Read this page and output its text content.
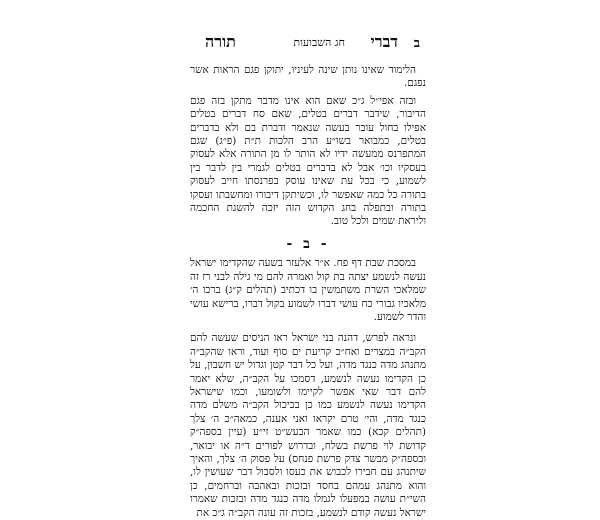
ב
דברי
חג השבועות
תורה

הלימוד שאינו נותן שינה לעיניו, יתוקן פגם הראות אשר נפגם.

ובזה אפי״ל ג״כ שאם הוא אינו מדבר מתקן בזה פגם הדיבור, שידבר דברים בטלים, שאם סח דברים בטלים אפילו בחול עובר בעשה שנאמר ודברת בם ולא בדברים בטלים, כמבואר בשו״ע הרב הלכות ת״ת (פ״ג) שגם המתפרנס ממעשה ידיו לא הותר לו מן התורה אלא לעסוק בעסקיו וכו׳ אבל לא בדברים בטלים לגמרי בין לדבר בין לשמוע, כי בכל עת שאינו עוסק בפרנסתו חייב לעסוק בתורה כל כמה שאפשר לו, וכשיתקן דיבורו ומחשבתו ועסקו בתורה ובתפלה בחג הקדוש הזה יזכה להשגת החכמה וליראת שמים ולכל טוב.

- ב -

במסכת שבת דף פח. א״ר אלעזר בשעה שהקדימו ישראל נעשה לנשמע יצתה בת קול ואמרה להם מי גילה לבני רז זה שמלאכי השרת משתמשין בו דכתיב (תהלים ק״ג) ברכו ה׳ מלאכיו גבורי כח עושי דברו לשמוע בקול דברו, ברישא עושי והדר לשמוע.

ונראה לפרש, דהנה בני ישראל ראו הניסים שעשה להם הקב״ה במצרים ואח״כ קריעת ים סוף ועוד, וראו שהקב״ה מתנהג מדה כנגד מדה, ועל כל דבר קטן וגדול יש חשבון, על כן הקדימו נעשה לנשמע, דסמכו על הקב״ה, שלא יאמר להם דבר שאי אפשר לקיימו ולשומעו, וכמו שישראל הקדימו נעשה לנשמע כמו כן בכיכול הקב״ה משלם מדה כנגד מדה, והי׳ טרם יקראו ואני אענה, כמאה״כ ה׳ צלך (תהלים קכא) כמו שאמר הבעש״ט זי״ע (עיין בספה״ק קדושת לוי פרשת בשלח, ובדרוש לפורים ד״ה או יבואר, ובספה״ק מבשר צדק פרשת פנחס) על פסוק ה׳ צלך, והאיך שיתנהג עם חבירו לכבוש את כעסו ולסבול דבר שעושין לו, והוא מתנהג עמהם בחסד ובזכות ובאהבה וברחמים, כן השי״ת עושה במפעלו לגמלו מדה כנגד מדה ובזכות שאמרו ישראל נעשה קודם לנשמע, בזכות זה עונה הקב״ה ג״כ את
